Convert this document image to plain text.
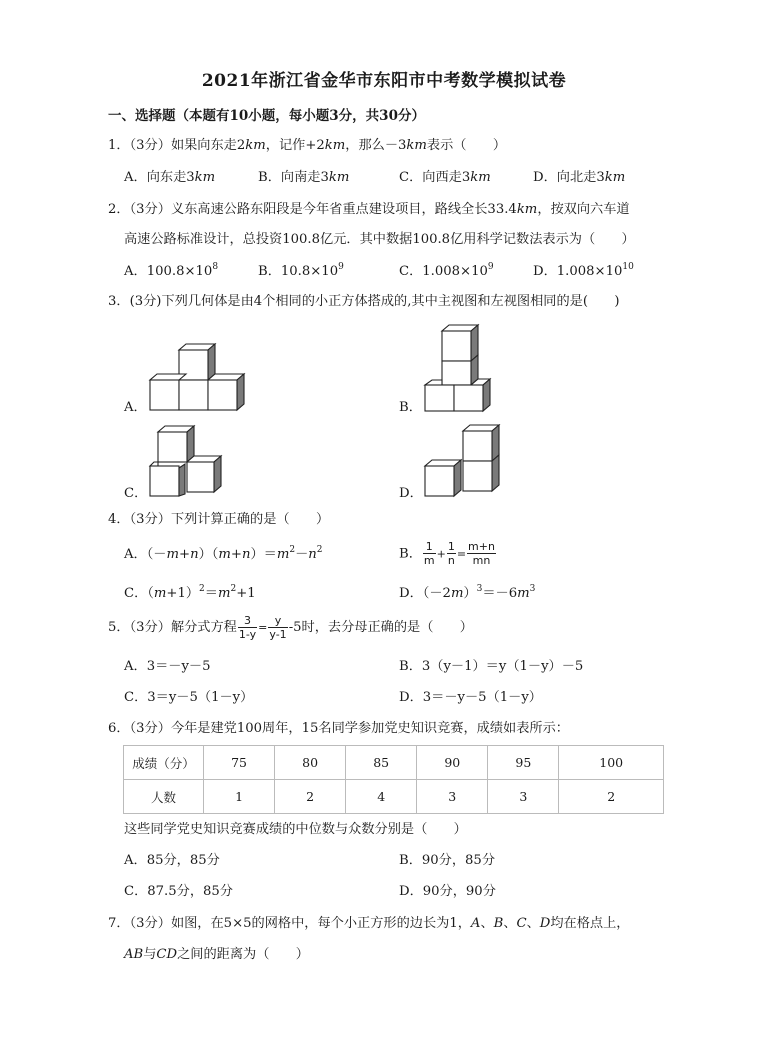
2021年浙江省金华市东阳市中考数学模拟试卷
一、选择题（本题有10小题，每小题3分，共30分）
1．（3分）如果向东走2km，记作+2km，那么－3km表示（　　）
A．向东走3km	B．向南走3km	C．向西走3km	D．向北走3km
2．（3分）义东高速公路东阳段是今年省重点建设项目，路线全长33.4km，按双向六车道
高速公路标准设计，总投资100.8亿元．其中数据100.8亿用科学记数法表示为（　　）
A．$100.8\times 10^8$	B．$10.8\times 10^9$	C．$1.008\times 10^9$	D．$1.008\times 10^{10}$
3．(3分)下列几何体是由4个相同的小正方体搭成的,其中主视图和左视图相同的是(　　)
A．	B．
C．	D．
4．（3分）下列计算正确的是（　　）
A．$(-m+n)(m+n)=m^2-n^2$	B． $\frac{1}{m} + \frac{1}{n} = \frac{m+n}{mn}$
C．$(m+1)^2=m^2+1$	D．$(-2m)^3=-6m^3$
5．（3分）解分式方程 $\frac{3}{1-y} = \frac{y}{y-1} -5$时，去分母正确的是（　　）
A．3＝－y－5	B．3（y－1）＝y（1－y）－5
C．3＝y－5（1－y）	D．3＝－y－5（1－y）
6．（3分）今年是建党100周年，15名同学参加党史知识竞赛，成绩如表所示：
成绩（分）	75	80	85	90	95	100
人数	1	2	4	3	3	2
这些同学党史知识竞赛成绩的中位数与众数分别是（　　）
A．85分，85分	B．90分，85分
C．87.5分，85分	D．90分，90分
7．（3分）如图，在5×5的网格中，每个小正方形的边长为1，A、B、C、D均在格点上，
AB与CD之间的距离为（　　）
